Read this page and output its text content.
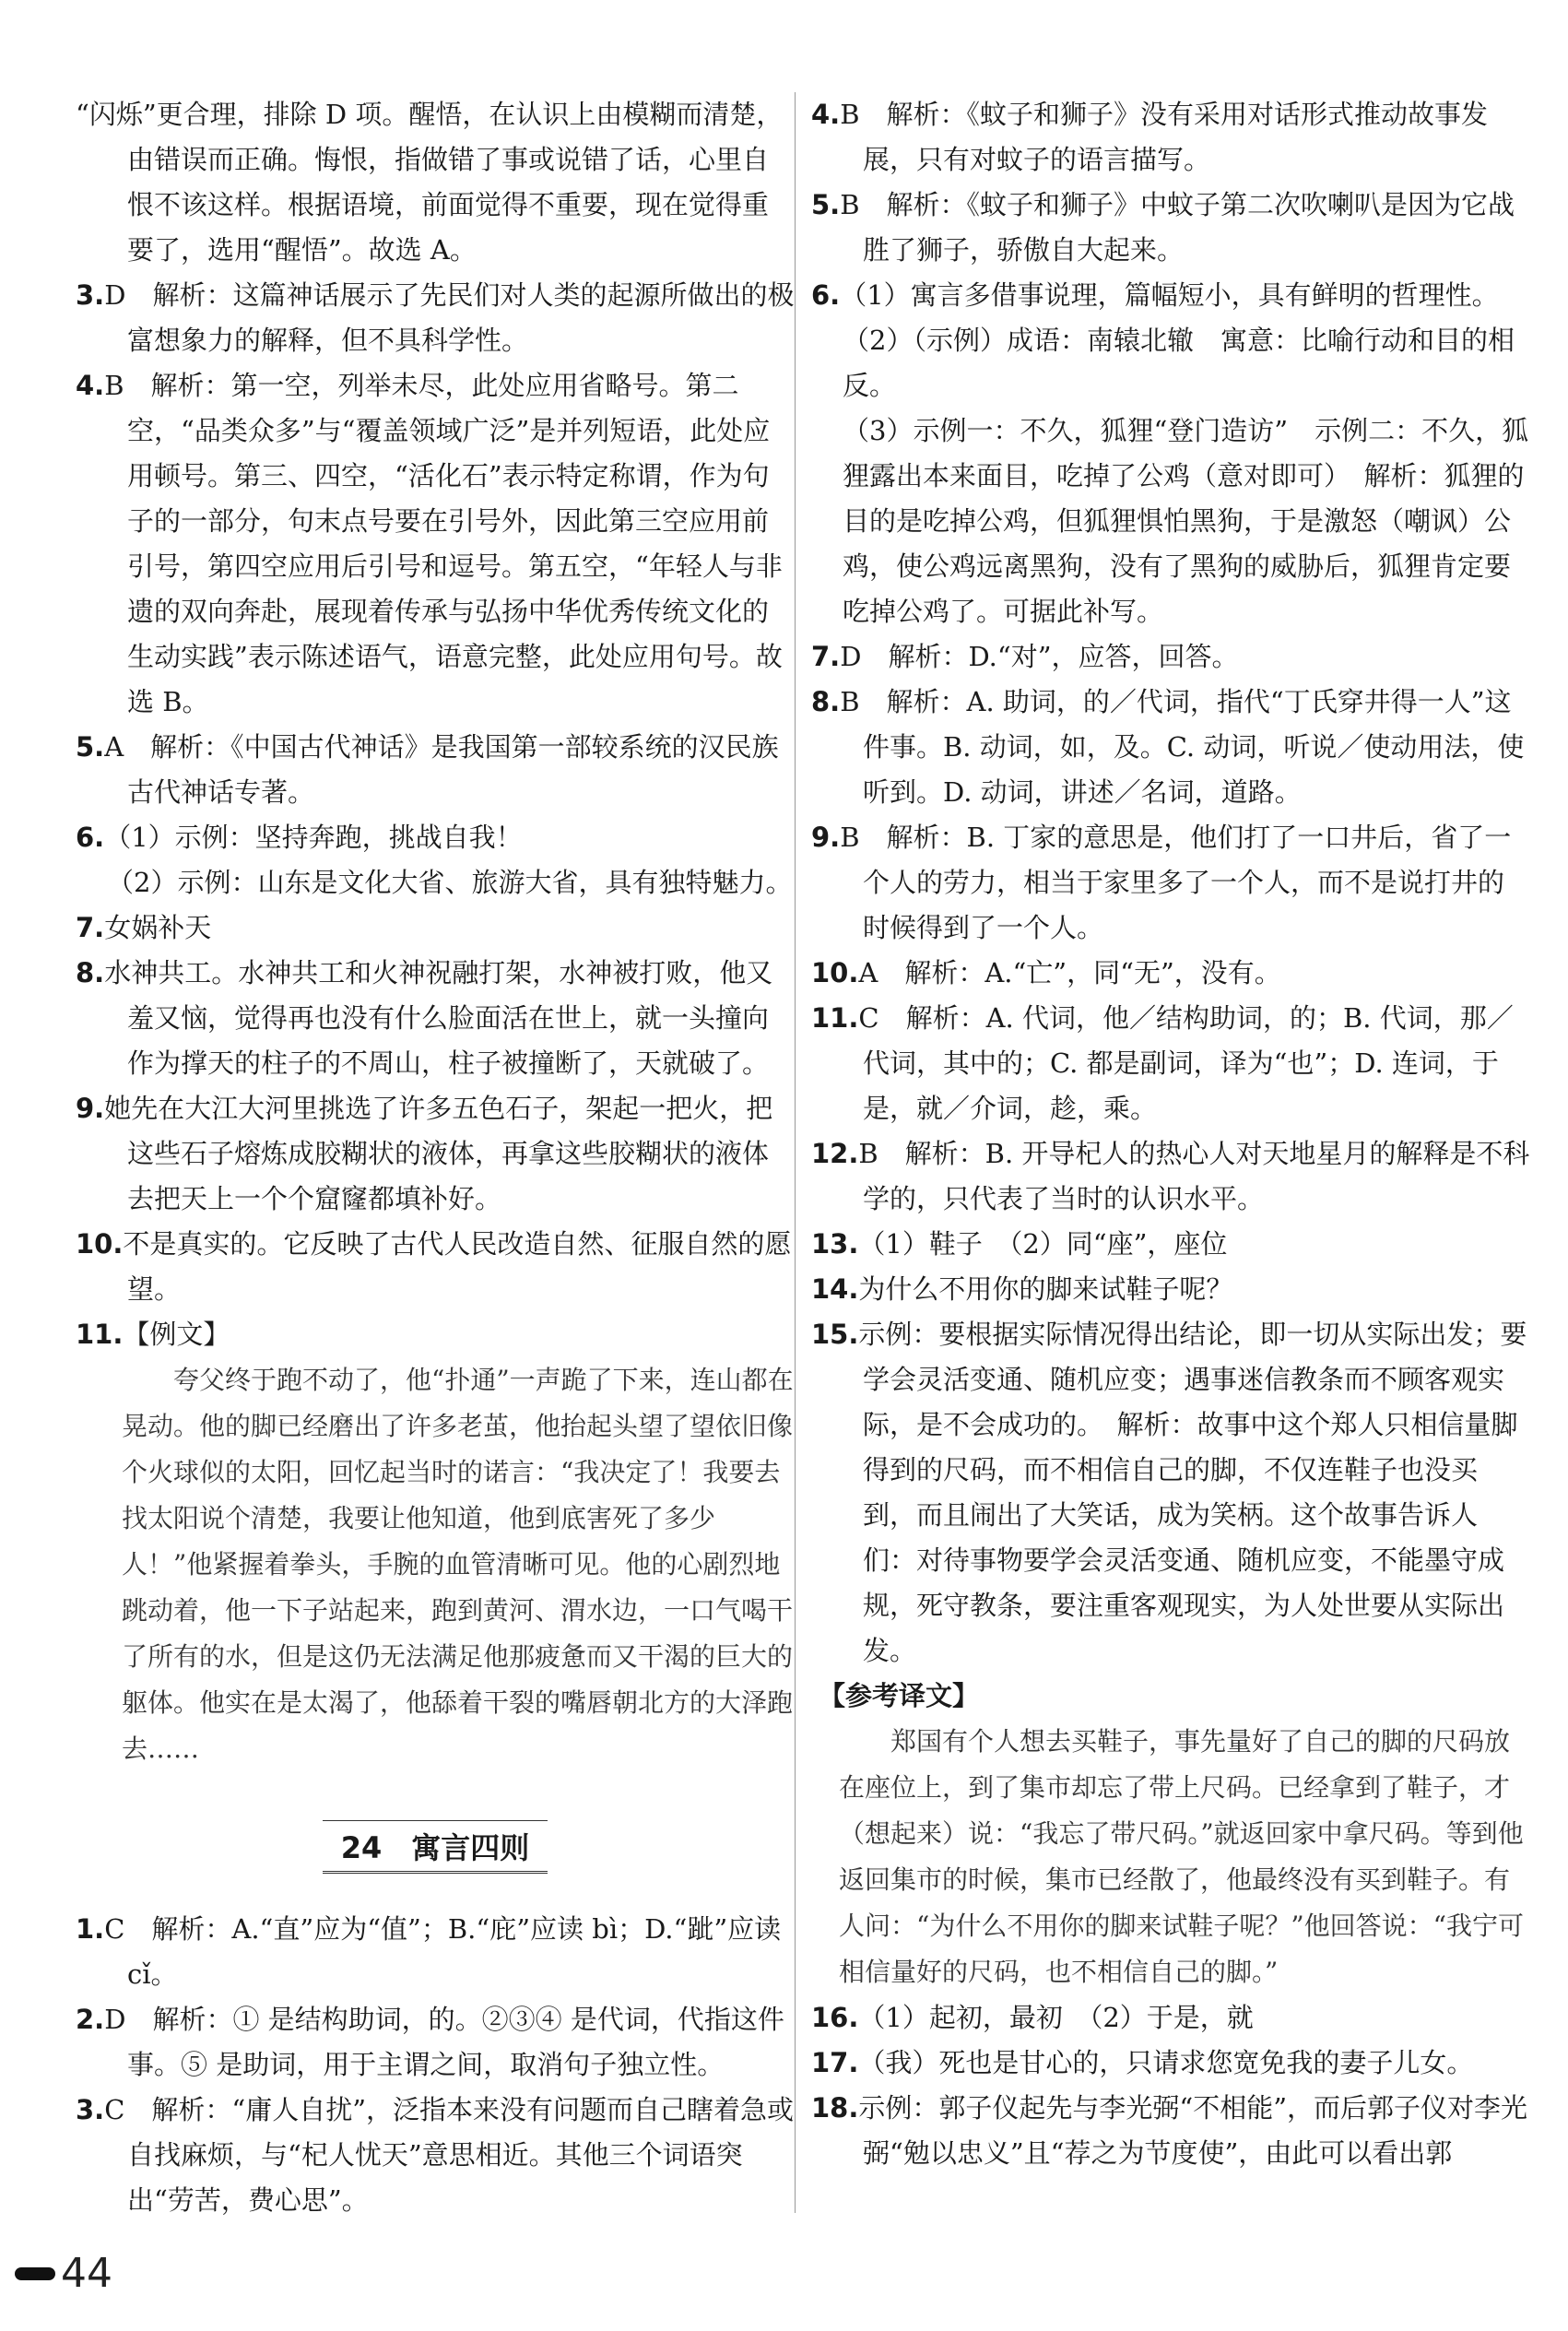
“闪烁”更合理，排除 D 项。醒悟，在认识上由模糊而清楚，由错误而正确。悔恨，指做错了事或说错了话，心里自恨不该这样。根据语境，前面觉得不重要，现在觉得重要了，选用“醒悟”。故选 A。

3.D　解析：这篇神话展示了先民们对人类的起源所做出的极富想象力的解释，但不具科学性。

4.B　解析：第一空，列举未尽，此处应用省略号。第二空，“品类众多”与“覆盖领域广泛”是并列短语，此处应用顿号。第三、四空，“活化石”表示特定称谓，作为句子的一部分，句末点号要在引号外，因此第三空应用前引号，第四空应用后引号和逗号。第五空，“年轻人与非遗的双向奔赴，展现着传承与弘扬中华优秀传统文化的生动实践”表示陈述语气，语意完整，此处应用句号。故选 B。

5.A　解析：《中国古代神话》是我国第一部较系统的汉民族古代神话专著。

6.（1）示例：坚持奔跑，挑战自我！

（2）示例：山东是文化大省、旅游大省，具有独特魅力。

7.女娲补天

8.水神共工。水神共工和火神祝融打架，水神被打败，他又羞又恼，觉得再也没有什么脸面活在世上，就一头撞向作为撑天的柱子的不周山，柱子被撞断了，天就破了。

9.她先在大江大河里挑选了许多五色石子，架起一把火，把这些石子熔炼成胶糊状的液体，再拿这些胶糊状的液体去把天上一个个窟窿都填补好。

10.不是真实的。它反映了古代人民改造自然、征服自然的愿望。

11.【例文】

夸父终于跑不动了，他“扑通”一声跪了下来，连山都在晃动。他的脚已经磨出了许多老茧，他抬起头望了望依旧像个火球似的太阳，回忆起当时的诺言：“我决定了！我要去找太阳说个清楚，我要让他知道，他到底害死了多少人！”他紧握着拳头，手腕的血管清晰可见。他的心剧烈地跳动着，他一下子站起来，跑到黄河、渭水边，一口气喝干了所有的水，但是这仍无法满足他那疲惫而又干渴的巨大的躯体。他实在是太渴了，他舔着干裂的嘴唇朝北方的大泽跑去……

24　寓言四则

1.C　解析：A.“直”应为“值”；B.“庇”应读 bì；D.“跐”应读 cǐ。

2.D　解析：① 是结构助词，的。②③④ 是代词，代指这件事。⑤ 是助词，用于主谓之间，取消句子独立性。

3.C　解析：“庸人自扰”，泛指本来没有问题而自己瞎着急或自找麻烦，与“杞人忧天”意思相近。其他三个词语突出“劳苦，费心思”。

4.B　解析：《蚊子和狮子》没有采用对话形式推动故事发展，只有对蚊子的语言描写。

5.B　解析：《蚊子和狮子》中蚊子第二次吹喇叭是因为它战胜了狮子，骄傲自大起来。

6.（1）寓言多借事说理，篇幅短小，具有鲜明的哲理性。

（2）（示例）成语：南辕北辙　寓意：比喻行动和目的相反。

（3）示例一：不久，狐狸“登门造访”　示例二：不久，狐狸露出本来面目，吃掉了公鸡（意对即可）　解析：狐狸的目的是吃掉公鸡，但狐狸惧怕黑狗，于是激怒（嘲讽）公鸡，使公鸡远离黑狗，没有了黑狗的威胁后，狐狸肯定要吃掉公鸡了。可据此补写。

7.D　解析：D.“对”，应答，回答。

8.B　解析：A. 助词，的／代词，指代“丁氏穿井得一人”这件事。B. 动词，如，及。C. 动词，听说／使动用法，使听到。D. 动词，讲述／名词，道路。

9.B　解析：B. 丁家的意思是，他们打了一口井后，省了一个人的劳力，相当于家里多了一个人，而不是说打井的时候得到了一个人。

10.A　解析：A.“亡”，同“无”，没有。

11.C　解析：A. 代词，他／结构助词，的；B. 代词，那／代词，其中的；C. 都是副词，译为“也”；D. 连词，于是，就／介词，趁，乘。

12.B　解析：B. 开导杞人的热心人对天地星月的解释是不科学的，只代表了当时的认识水平。

13.（1）鞋子　（2）同“座”，座位

14.为什么不用你的脚来试鞋子呢？

15.示例：要根据实际情况得出结论，即一切从实际出发；要学会灵活变通、随机应变；遇事迷信教条而不顾客观实际，是不会成功的。　解析：故事中这个郑人只相信量脚得到的尺码，而不相信自己的脚，不仅连鞋子也没买到，而且闹出了大笑话，成为笑柄。这个故事告诉人们：对待事物要学会灵活变通、随机应变，不能墨守成规，死守教条，要注重客观现实，为人处世要从实际出发。

【参考译文】

郑国有个人想去买鞋子，事先量好了自己的脚的尺码放在座位上，到了集市却忘了带上尺码。已经拿到了鞋子，才（想起来）说：“我忘了带尺码。”就返回家中拿尺码。等到他返回集市的时候，集市已经散了，他最终没有买到鞋子。有人问：“为什么不用你的脚来试鞋子呢？”他回答说：“我宁可相信量好的尺码，也不相信自己的脚。”

16.（1）起初，最初　（2）于是，就

17.（我）死也是甘心的，只请求您宽免我的妻子儿女。

18.示例：郭子仪起先与李光弼“不相能”，而后郭子仪对李光弼“勉以忠义”且“荐之为节度使”，由此可以看出郭

44
